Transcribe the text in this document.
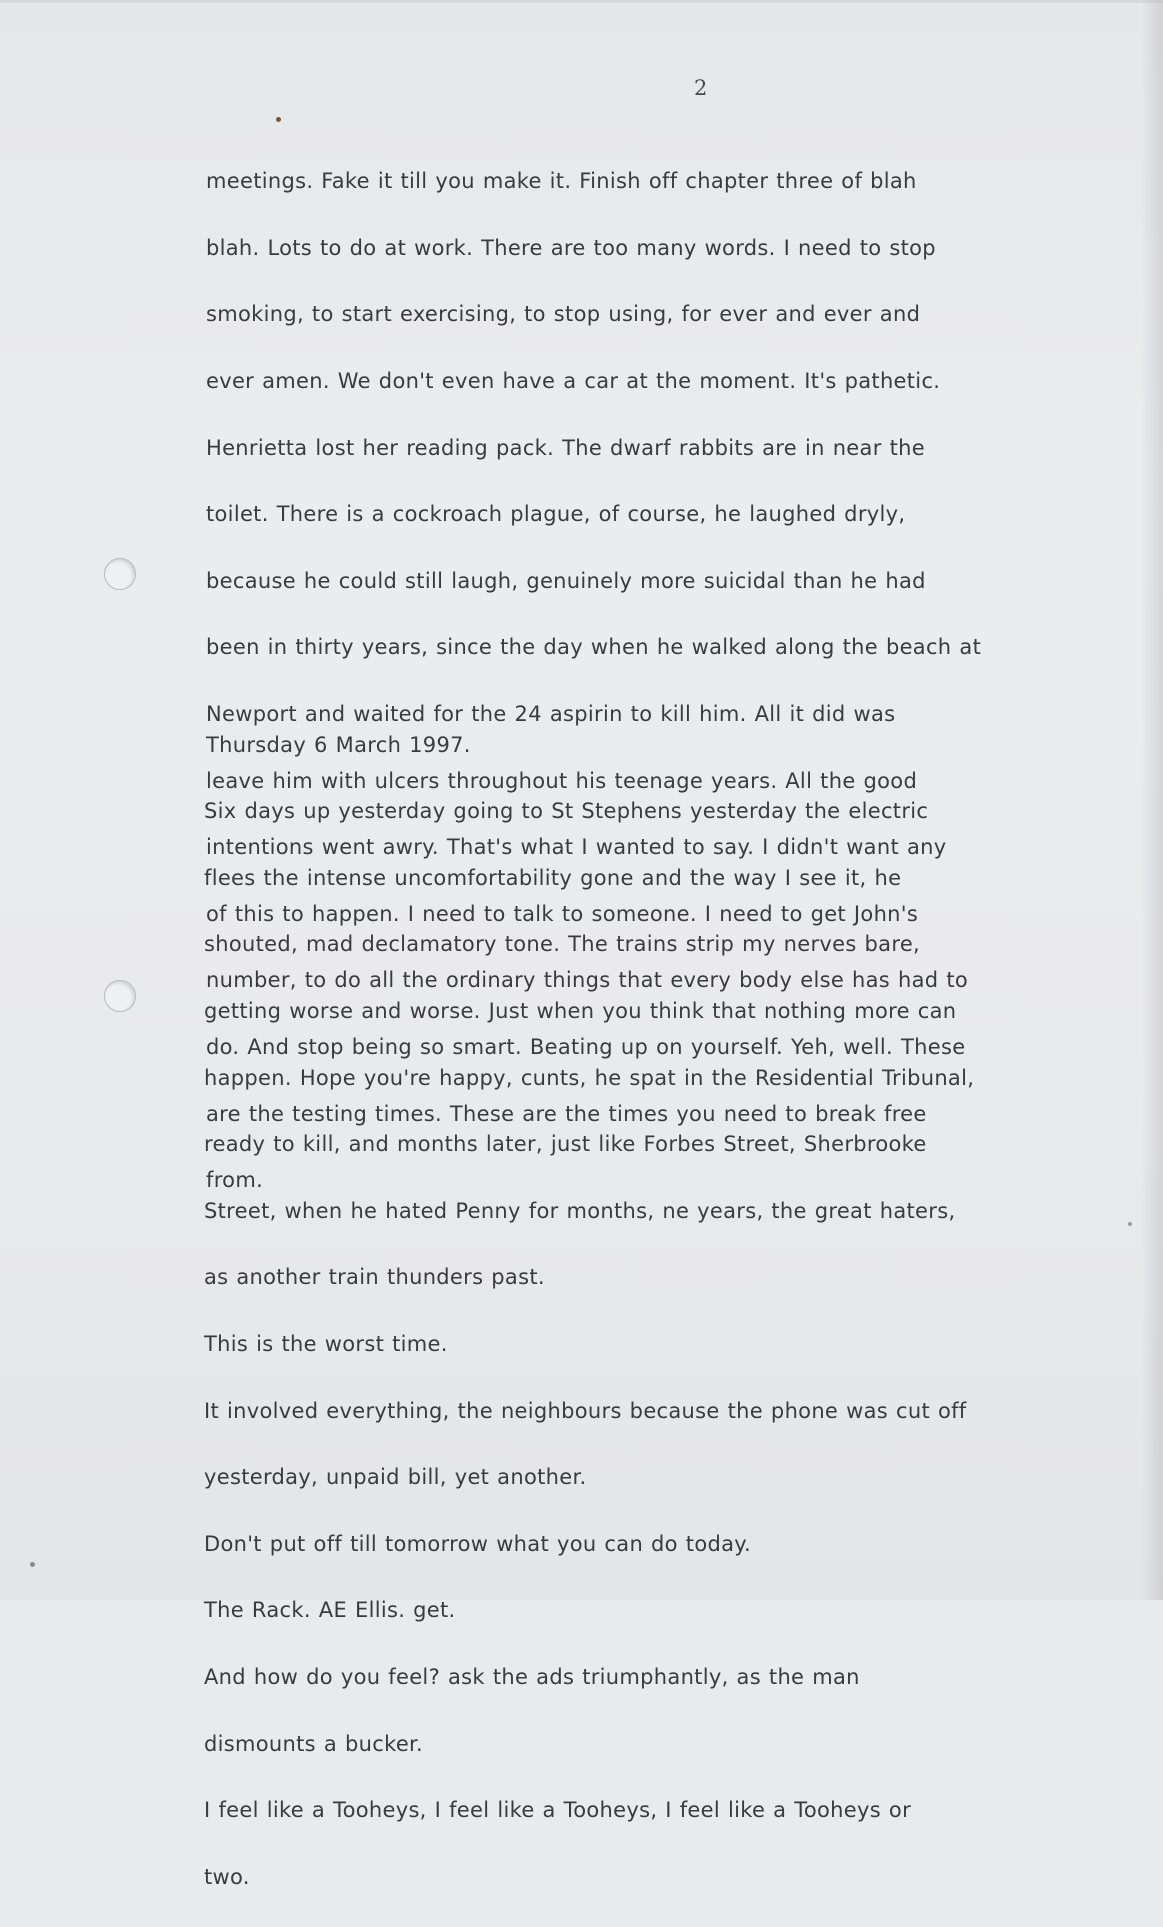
2

meetings. Fake it till you make it. Finish off chapter three of blah

blah. Lots to do at work. There are too many words. I need to stop

smoking, to start exercising, to stop using, for ever and ever and

ever amen. We don't even have a car at the moment. It's pathetic.

Henrietta lost her reading pack. The dwarf rabbits are in near the

toilet. There is a cockroach plague, of course, he laughed dryly,

because he could still laugh, genuinely more suicidal than he had

been in thirty years, since the day when he walked along the beach at

Newport and waited for the 24 aspirin to kill him. All it did was

leave him with ulcers throughout his teenage years. All the good

intentions went awry. That's what I wanted to say. I didn't want any

of this to happen. I need to talk to someone. I need to get John's

number, to do all the ordinary things that every body else has had to

do. And stop being so smart. Beating up on yourself. Yeh, well. These

are the testing times. These are the times you need to break free

from.

Thursday 6 March 1997.

Six days up yesterday going to St Stephens yesterday the electric

flees the intense uncomfortability gone and the way I see it, he

shouted, mad declamatory tone. The trains strip my nerves bare,

getting worse and worse. Just when you think that nothing more can

happen. Hope you're happy, cunts, he spat in the Residential Tribunal,

ready to kill, and months later, just like Forbes Street, Sherbrooke

Street, when he hated Penny for months, ne years, the great haters,

as another train thunders past.

This is the worst time.

It involved everything, the neighbours because the phone was cut off

yesterday, unpaid bill, yet another.

Don't put off till tomorrow what you can do today.

The Rack. AE Ellis. get.

And how do you feel? ask the ads triumphantly, as the man

dismounts a bucker.

I feel like a Tooheys, I feel like a Tooheys, I feel like a Tooheys or

two.
